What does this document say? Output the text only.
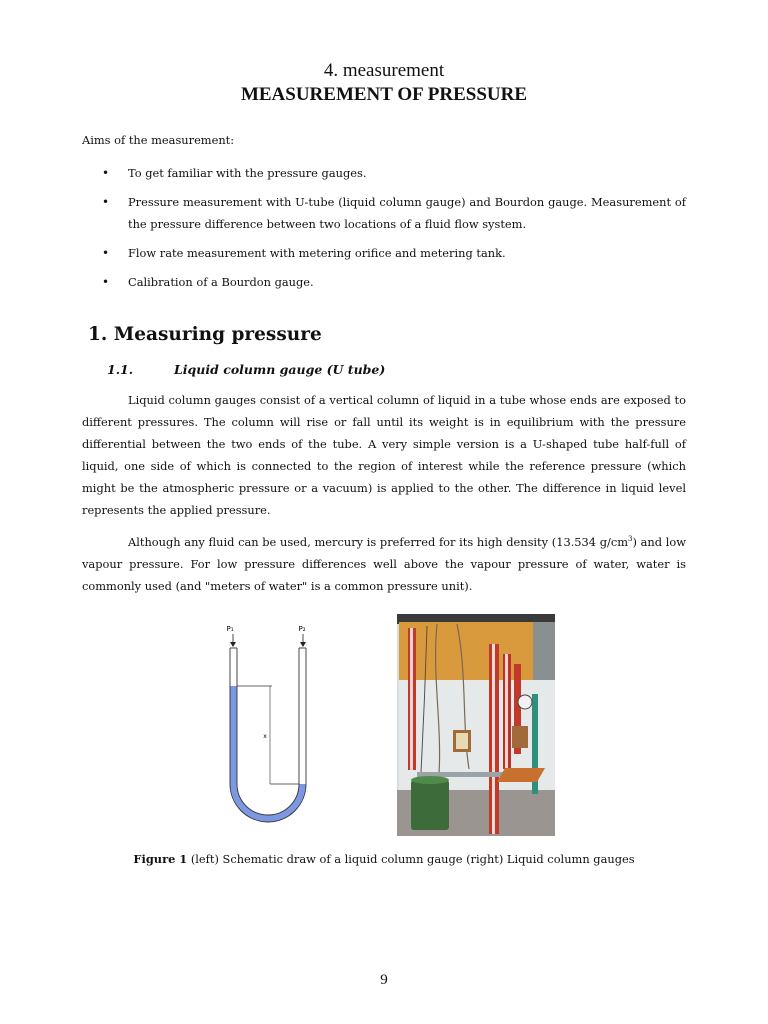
4. measurement
MEASUREMENT OF PRESSURE
Aims of the measurement:
• To get familiar with the pressure gauges.
• Pressure measurement with U-tube (liquid column gauge) and Bourdon gauge. Measurement of the pressure difference between two locations of a fluid flow system.
• Flow rate measurement with metering orifice and metering tank.
• Calibration of a Bourdon gauge.
1. Measuring pressure
1.1.	Liquid column gauge (U tube)

Liquid column gauges consist of a vertical column of liquid in a tube whose ends are exposed to different pressures. The column will rise or fall until its weight is in equilibrium with the pressure differential between the two ends of the tube. A very simple version is a U-shaped tube half-full of liquid, one side of which is connected to the region of interest while the reference pressure (which might be the atmospheric pressure or a vacuum) is applied to the other. The difference in liquid level represents the applied pressure.

Although any fluid can be used, mercury is preferred for its high density (13.534 $g/cm^3$) and low vapour pressure. For low pressure differences well above the vapour pressure of water, water is commonly used (and "meters of water" is a common pressure unit).

P₁	P₂
x
Figure 1 (left) Schematic draw of a liquid column gauge (right) Liquid column gauges
9
